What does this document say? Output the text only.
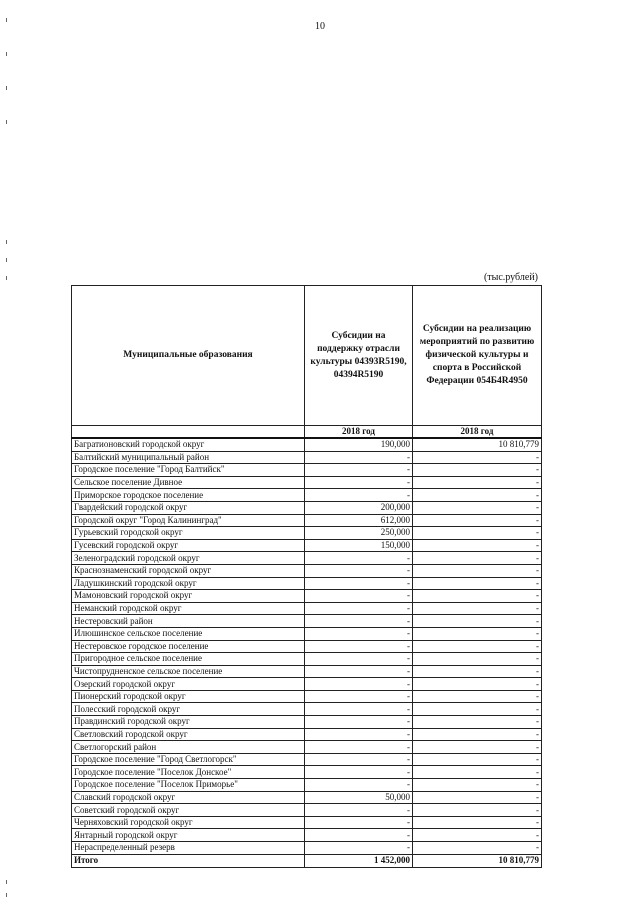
10
(тыс.рублей)
Муниципальные образования	Субсидии на поддержку отрасли культуры 04393R5190, 04394R5190	Субсидии на реализацию мероприятий по развитию физической культуры и спорта в Российской Федерации 054Б4R4950
	2018 год	2018 год
Багратионовский городской округ	190,000	10 810,779
Балтийский муниципальный район	-	-
Городское поселение "Город Балтийск"	-	-
Сельское поселение Дивное	-	-
Приморское городское поселение	-	-
Гвардейский городской округ	200,000	-
Городской округ "Город Калининград"	612,000	-
Гурьевский городской округ	250,000	-
Гусевский городской округ	150,000	-
Зеленоградский городской округ	-	-
Краснознаменский городской округ	-	-
Ладушкинский городской округ	-	-
Мамоновский городской округ	-	-
Неманский городской округ	-	-
Нестеровский район	-	-
Илюшинское сельское поселение	-	-
Нестеровское городское поселение	-	-
Пригородное сельское поселение	-	-
Чистопрудненское сельское поселение	-	-
Озерский городской округ	-	-
Пионерский городской округ	-	-
Полесский городской округ	-	-
Правдинский городской округ	-	-
Светловский городской округ	-	-
Светлогорский район	-	-
Городское поселение "Город Светлогорск"	-	-
Городское поселение "Поселок Донское"	-	-
Городское поселение "Поселок Приморье"	-	-
Славский городской округ	50,000	-
Советский городской округ	-	-
Черняховский городской округ	-	-
Янтарный городской округ	-	-
Нераспределенный резерв	-	-
Итого	1 452,000	10 810,779
